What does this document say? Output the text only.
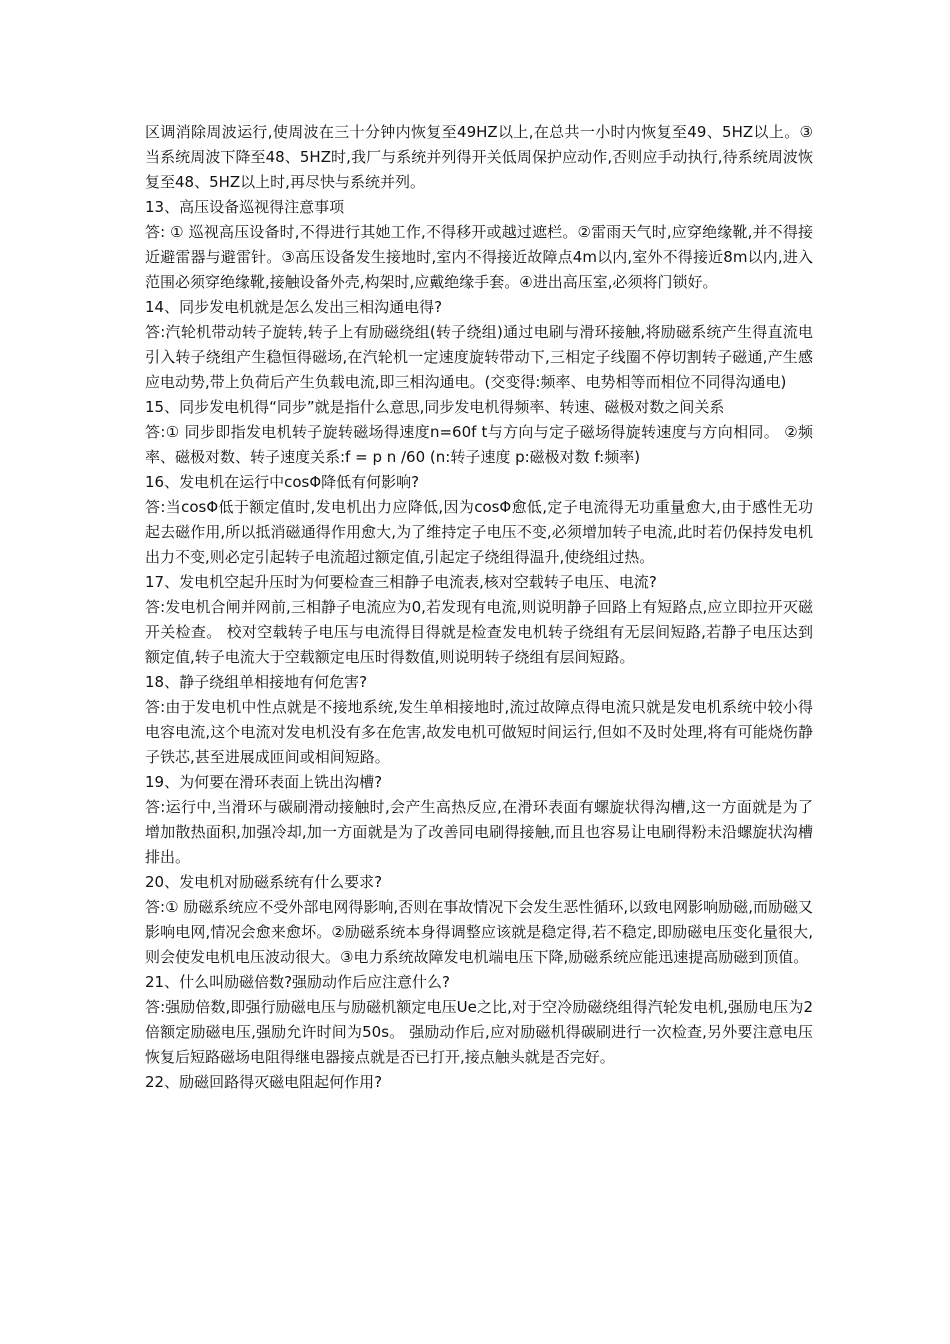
区调消除周波运行,使周波在三十分钟内恢复至49HZ以上,在总共一小时内恢复至49、5HZ以上。③当系统周波下降至48、5HZ时,我厂与系统并列得开关低周保护应动作,否则应手动执行,待系统周波恢复至48、5HZ以上时,再尽快与系统并列。

13、高压设备巡视得注意事项

答: ① 巡视高压设备时,不得进行其她工作,不得移开或越过遮栏。②雷雨天气时,应穿绝缘靴,并不得接近避雷器与避雷针。③高压设备发生接地时,室内不得接近故障点4m以内,室外不得接近8m以内,进入范围必须穿绝缘靴,接触设备外壳,构架时,应戴绝缘手套。④进出高压室,必须将门锁好。

14、同步发电机就是怎么发出三相沟通电得?

答:汽轮机带动转子旋转,转子上有励磁绕组(转子绕组)通过电刷与滑环接触,将励磁系统产生得直流电引入转子绕组产生稳恒得磁场,在汽轮机一定速度旋转带动下,三相定子线圈不停切割转子磁通,产生感应电动势,带上负荷后产生负载电流,即三相沟通电。(交变得:频率、电势相等而相位不同得沟通电)

15、同步发电机得“同步”就是指什么意思,同步发电机得频率、转速、磁极对数之间关系

答:① 同步即指发电机转子旋转磁场得速度n=60f t与方向与定子磁场得旋转速度与方向相同。 ②频率、磁极对数、转子速度关系:f = p n /60 (n:转子速度 p:磁极对数 f:频率)

16、发电机在运行中cosΦ降低有何影响?

答:当cosΦ低于额定值时,发电机出力应降低,因为cosΦ愈低,定子电流得无功重量愈大,由于感性无功起去磁作用,所以抵消磁通得作用愈大,为了维持定子电压不变,必须增加转子电流,此时若仍保持发电机出力不变,则必定引起转子电流超过额定值,引起定子绕组得温升,使绕组过热。

17、发电机空起升压时为何要检查三相静子电流表,核对空载转子电压、电流?

答:发电机合闸并网前,三相静子电流应为0,若发现有电流,则说明静子回路上有短路点,应立即拉开灭磁开关检查。 校对空载转子电压与电流得目得就是检查发电机转子绕组有无层间短路,若静子电压达到额定值,转子电流大于空载额定电压时得数值,则说明转子绕组有层间短路。

18、静子绕组单相接地有何危害?

答:由于发电机中性点就是不接地系统,发生单相接地时,流过故障点得电流只就是发电机系统中较小得电容电流,这个电流对发电机没有多在危害,故发电机可做短时间运行,但如不及时处理,将有可能烧伤静子铁芯,甚至进展成匝间或相间短路。

19、为何要在滑环表面上铣出沟槽?

答:运行中,当滑环与碳刷滑动接触时,会产生高热反应,在滑环表面有螺旋状得沟槽,这一方面就是为了增加散热面积,加强冷却,加一方面就是为了改善同电刷得接触,而且也容易让电刷得粉未沿螺旋状沟槽排出。

20、发电机对励磁系统有什么要求?

答:① 励磁系统应不受外部电网得影响,否则在事故情况下会发生恶性循环,以致电网影响励磁,而励磁又影响电网,情况会愈来愈坏。②励磁系统本身得调整应该就是稳定得,若不稳定,即励磁电压变化量很大,则会使发电机电压波动很大。③电力系统故障发电机端电压下降,励磁系统应能迅速提高励磁到顶值。

21、什么叫励磁倍数?强励动作后应注意什么?

答:强励倍数,即强行励磁电压与励磁机额定电压Ue之比,对于空冷励磁绕组得汽轮发电机,强励电压为2倍额定励磁电压,强励允许时间为50s。 强励动作后,应对励磁机得碳刷进行一次检查,另外要注意电压恢复后短路磁场电阻得继电器接点就是否已打开,接点触头就是否完好。

22、励磁回路得灭磁电阻起何作用?
